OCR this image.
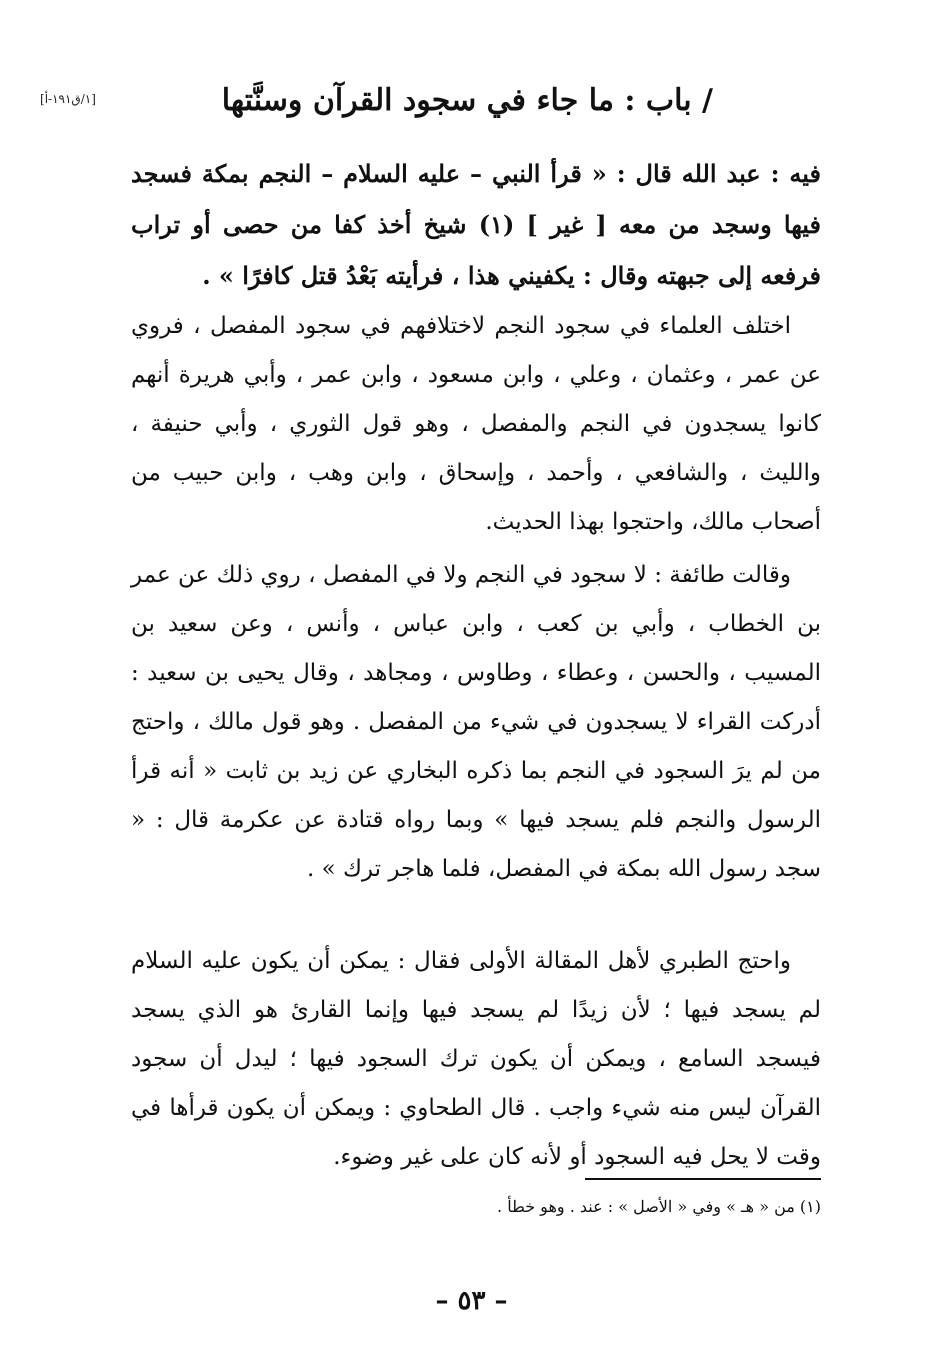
[١/ق١٩١-أ]	/ باب : ما جاء في سجود القرآن وسنَّتها
فيه : عبد الله قال : « قرأ النبي – عليه السلام – النجم بمكة فسجد فيها وسجد من معه [ غير ] (١) شيخ أخذ كفا من حصى أو تراب فرفعه إلى جبهته وقال : يكفيني هذا ، فرأيته بَعْدُ قتل كافرًا » .
اختلف العلماء في سجود النجم لاختلافهم في سجود المفصل ، فروي عن عمر ، وعثمان ، وعلي ، وابن مسعود ، وابن عمر ، وأبي هريرة أنهم كانوا يسجدون في النجم والمفصل ، وهو قول الثوري ، وأبي حنيفة ، والليث ، والشافعي ، وأحمد ، وإسحاق ، وابن وهب ، وابن حبيب من أصحاب مالك، واحتجوا بهذا الحديث.
وقالت طائفة : لا سجود في النجم ولا في المفصل ، روي ذلك عن عمر بن الخطاب ، وأبي بن كعب ، وابن عباس ، وأنس ، وعن سعيد بن المسيب ، والحسن ، وعطاء ، وطاوس ، ومجاهد ، وقال يحيى بن سعيد : أدركت القراء لا يسجدون في شيء من المفصل . وهو قول مالك ، واحتج من لم يرَ السجود في النجم بما ذكره البخاري عن زيد بن ثابت « أنه قرأ الرسول والنجم فلم يسجد فيها » وبما رواه قتادة عن عكرمة قال : « سجد رسول الله بمكة في المفصل، فلما هاجر ترك » .
واحتج الطبري لأهل المقالة الأولى فقال : يمكن أن يكون عليه السلام لم يسجد فيها ؛ لأن زيدًا لم يسجد فيها وإنما القارئ هو الذي يسجد فيسجد السامع ، ويمكن أن يكون ترك السجود فيها ؛ ليدل أن سجود القرآن ليس منه شيء واجب . قال الطحاوي : ويمكن أن يكون قرأها في وقت لا يحل فيه السجود أو لأنه كان على غير وضوء.
(١) من « هـ » وفي « الأصل » : عند . وهو خطأ .
– ٥٣ –
